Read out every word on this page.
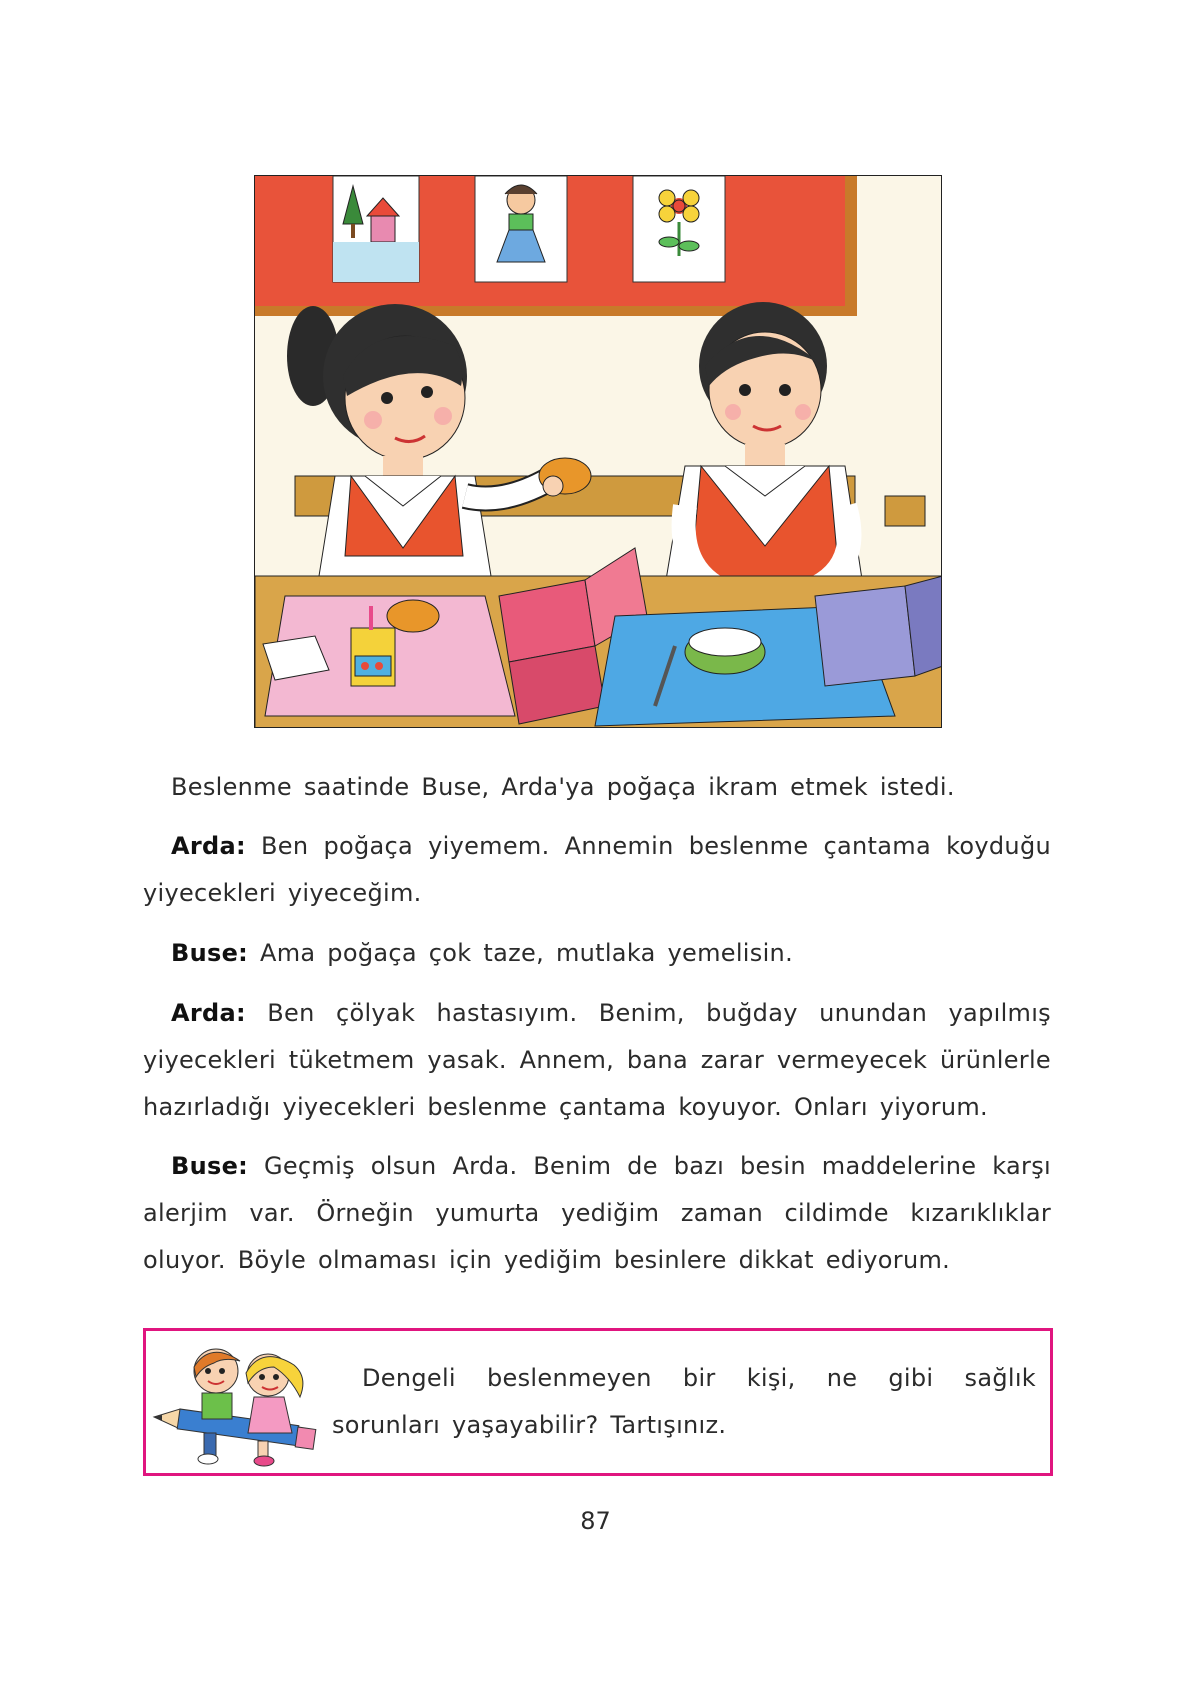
Beslenme saatinde Buse, Arda'ya poğaça ikram etmek istedi.

Arda: Ben poğaça yiyemem. Annemin beslenme çantama koyduğu yiyecekleri yiyeceğim.

Buse: Ama poğaça çok taze, mutlaka yemelisin.

Arda: Ben çölyak hastasıyım. Benim, buğday unundan yapılmış yiyecekleri tüketmem yasak. Annem, bana zarar vermeyecek ürünlerle hazırladığı yiyecekleri beslenme çantama koyuyor. Onları yiyorum.

Buse: Geçmiş olsun Arda. Benim de bazı besin maddelerine karşı alerjim var. Örneğin yumurta yediğim zaman cildimde kızarıklıklar oluyor. Böyle olmaması için yediğim besinlere dikkat ediyorum.

Dengeli beslenmeyen bir kişi, ne gibi sağlık sorunları yaşayabilir? Tartışınız.

87
